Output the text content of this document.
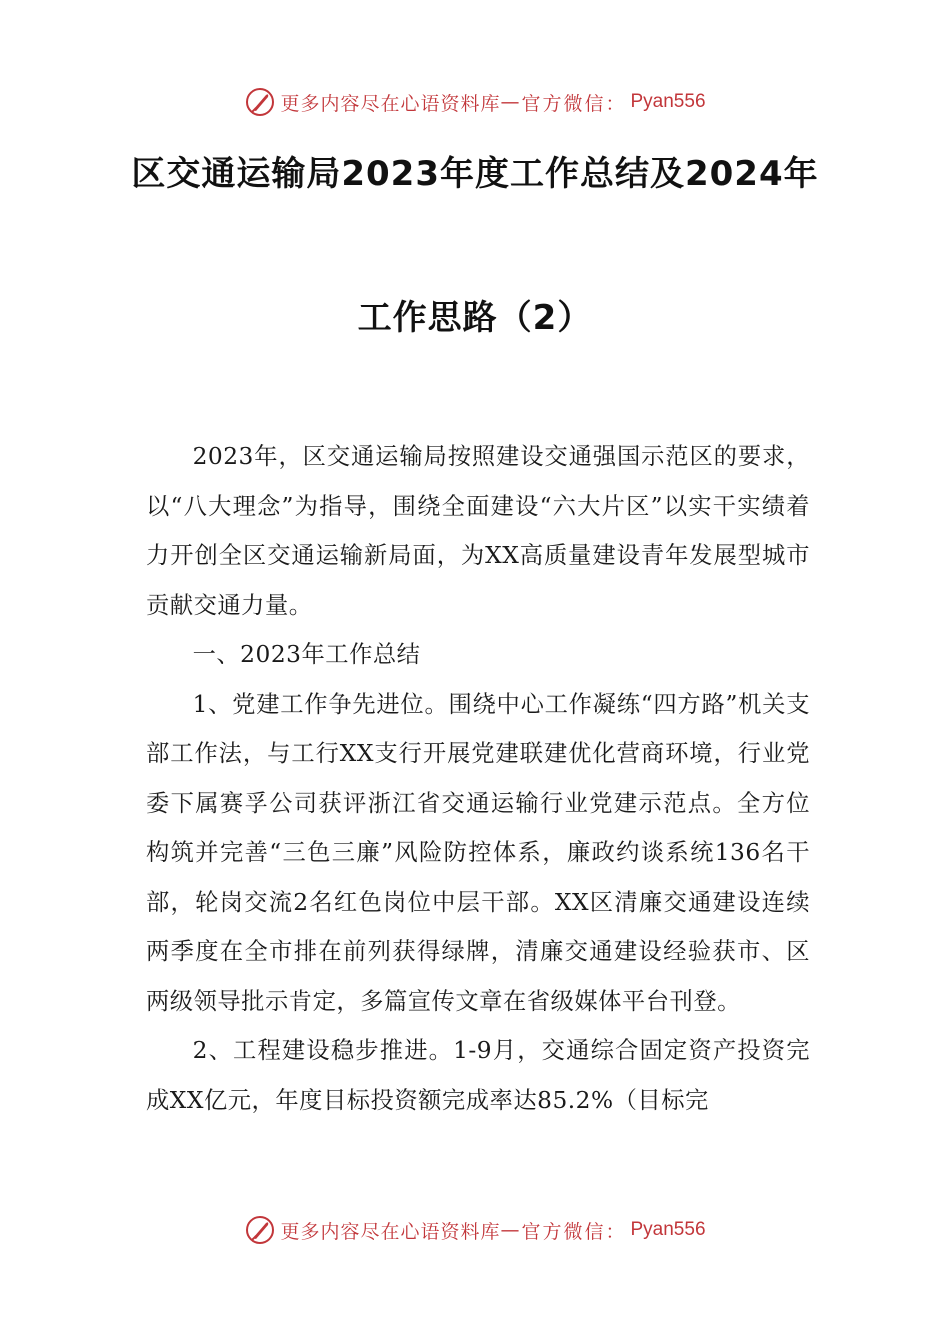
更多内容尽在心语资料库 — 官方微信： Pyan556
区交通运输局2023年度工作总结及2024年
工作思路（2）

2023年，区交通运输局按照建设交通强国示范区的要求，以“八大理念”为指导，围绕全面建设“六大片区”以实干实绩着力开创全区交通运输新局面，为XX高质量建设青年发展型城市贡献交通力量。

一、2023年工作总结

1、党建工作争先进位。围绕中心工作凝练“四方路”机关支部工作法，与工行XX支行开展党建联建优化营商环境，行业党委下属赛孚公司获评浙江省交通运输行业党建示范点。全方位构筑并完善“三色三廉”风险防控体系，廉政约谈系统136名干部，轮岗交流2名红色岗位中层干部。XX区清廉交通建设连续两季度在全市排在前列获得绿牌，清廉交通建设经验获市、区两级领导批示肯定，多篇宣传文章在省级媒体平台刊登。

2、工程建设稳步推进。1-9月，交通综合固定资产投资完成XX亿元，年度目标投资额完成率达85.2%（目标完

更多内容尽在心语资料库 — 官方微信： Pyan556
